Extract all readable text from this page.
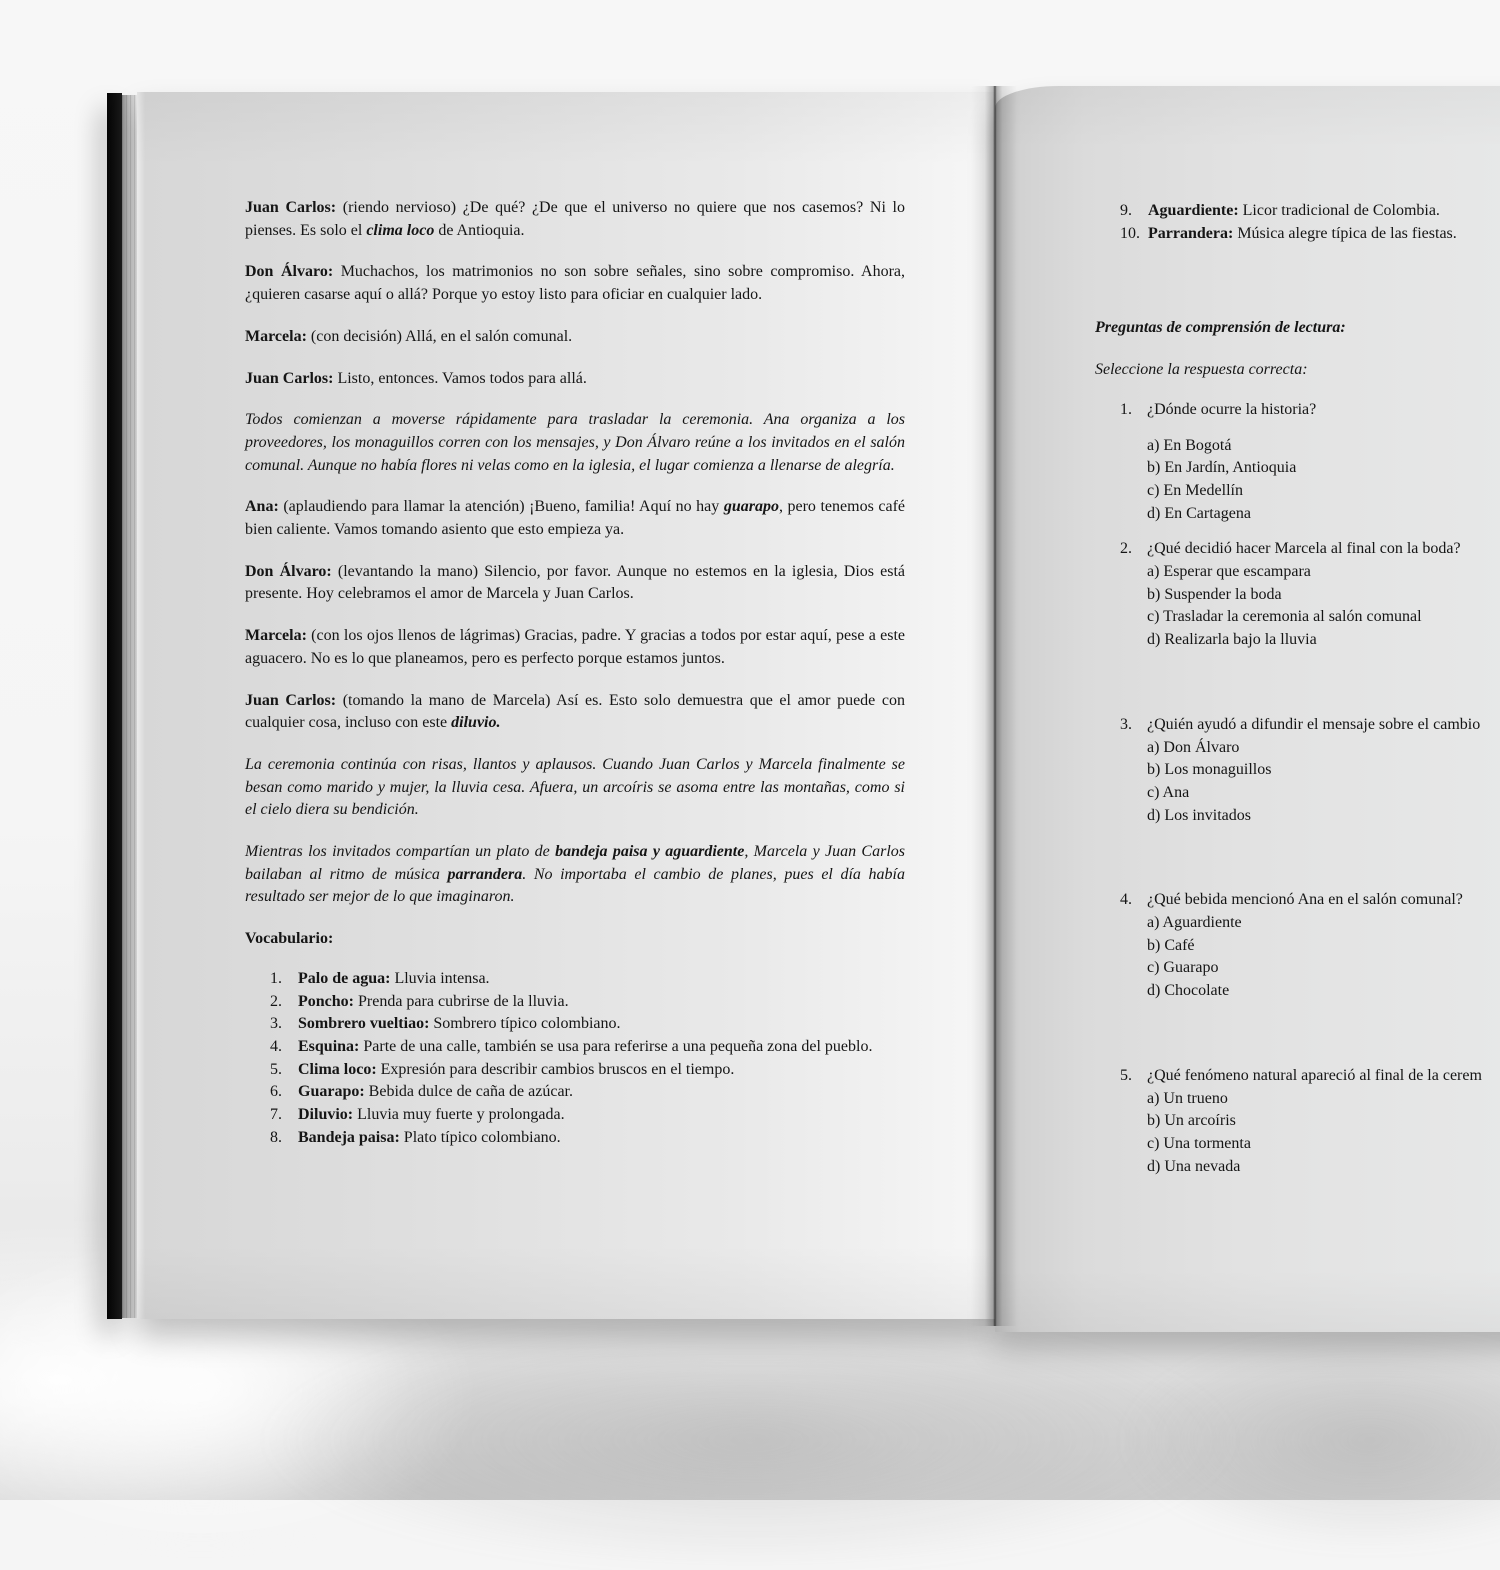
Juan Carlos: (riendo nervioso) ¿De qué? ¿De que el universo no quiere que nos casemos? Ni lo pienses. Es solo el clima loco de Antioquia.

Don Álvaro: Muchachos, los matrimonios no son sobre señales, sino sobre compromiso. Ahora, ¿quieren casarse aquí o allá? Porque yo estoy listo para oficiar en cualquier lado.

Marcela: (con decisión) Allá, en el salón comunal.

Juan Carlos: Listo, entonces. Vamos todos para allá.

Todos comienzan a moverse rápidamente para trasladar la ceremonia. Ana organiza a los proveedores, los monaguillos corren con los mensajes, y Don Álvaro reúne a los invitados en el salón comunal. Aunque no había flores ni velas como en la iglesia, el lugar comienza a llenarse de alegría.

Ana: (aplaudiendo para llamar la atención) ¡Bueno, familia! Aquí no hay guarapo, pero tenemos café bien caliente. Vamos tomando asiento que esto empieza ya.

Don Álvaro: (levantando la mano) Silencio, por favor. Aunque no estemos en la iglesia, Dios está presente. Hoy celebramos el amor de Marcela y Juan Carlos.

Marcela: (con los ojos llenos de lágrimas) Gracias, padre. Y gracias a todos por estar aquí, pese a este aguacero. No es lo que planeamos, pero es perfecto porque estamos juntos.

Juan Carlos: (tomando la mano de Marcela) Así es. Esto solo demuestra que el amor puede con cualquier cosa, incluso con este diluvio.

La ceremonia continúa con risas, llantos y aplausos. Cuando Juan Carlos y Marcela finalmente se besan como marido y mujer, la lluvia cesa. Afuera, un arcoíris se asoma entre las montañas, como si el cielo diera su bendición.

Mientras los invitados compartían un plato de bandeja paisa y aguardiente, Marcela y Juan Carlos bailaban al ritmo de música parrandera. No importaba el cambio de planes, pues el día había resultado ser mejor de lo que imaginaron.

Vocabulario:

1.	Palo de agua: Lluvia intensa.
2.	Poncho: Prenda para cubrirse de la lluvia.
3.	Sombrero vueltiao: Sombrero típico colombiano.
4.	Esquina: Parte de una calle, también se usa para referirse a una pequeña zona del pueblo.
5.	Clima loco: Expresión para describir cambios bruscos en el tiempo.
6.	Guarapo: Bebida dulce de caña de azúcar.
7.	Diluvio: Lluvia muy fuerte y prolongada.
8.	Bandeja paisa: Plato típico colombiano.
9.	Aguardiente: Licor tradicional de Colombia.
10. Parrandera: Música alegre típica de las fiestas.

Preguntas de comprensión de lectura:

Seleccione la respuesta correcta:

1. ¿Dónde ocurre la historia?
a) En Bogotá
b) En Jardín, Antioquia
c) En Medellín
d) En Cartagena
2. ¿Qué decidió hacer Marcela al final con la boda?
a) Esperar que escampara
b) Suspender la boda
c) Trasladar la ceremonia al salón comunal
d) Realizarla bajo la lluvia
3. ¿Quién ayudó a difundir el mensaje sobre el cambio
a) Don Álvaro
b) Los monaguillos
c) Ana
d) Los invitados
4. ¿Qué bebida mencionó Ana en el salón comunal?
a) Aguardiente
b) Café
c) Guarapo
d) Chocolate
5. ¿Qué fenómeno natural apareció al final de la cerem
a) Un trueno
b) Un arcoíris
c) Una tormenta
d) Una nevada
